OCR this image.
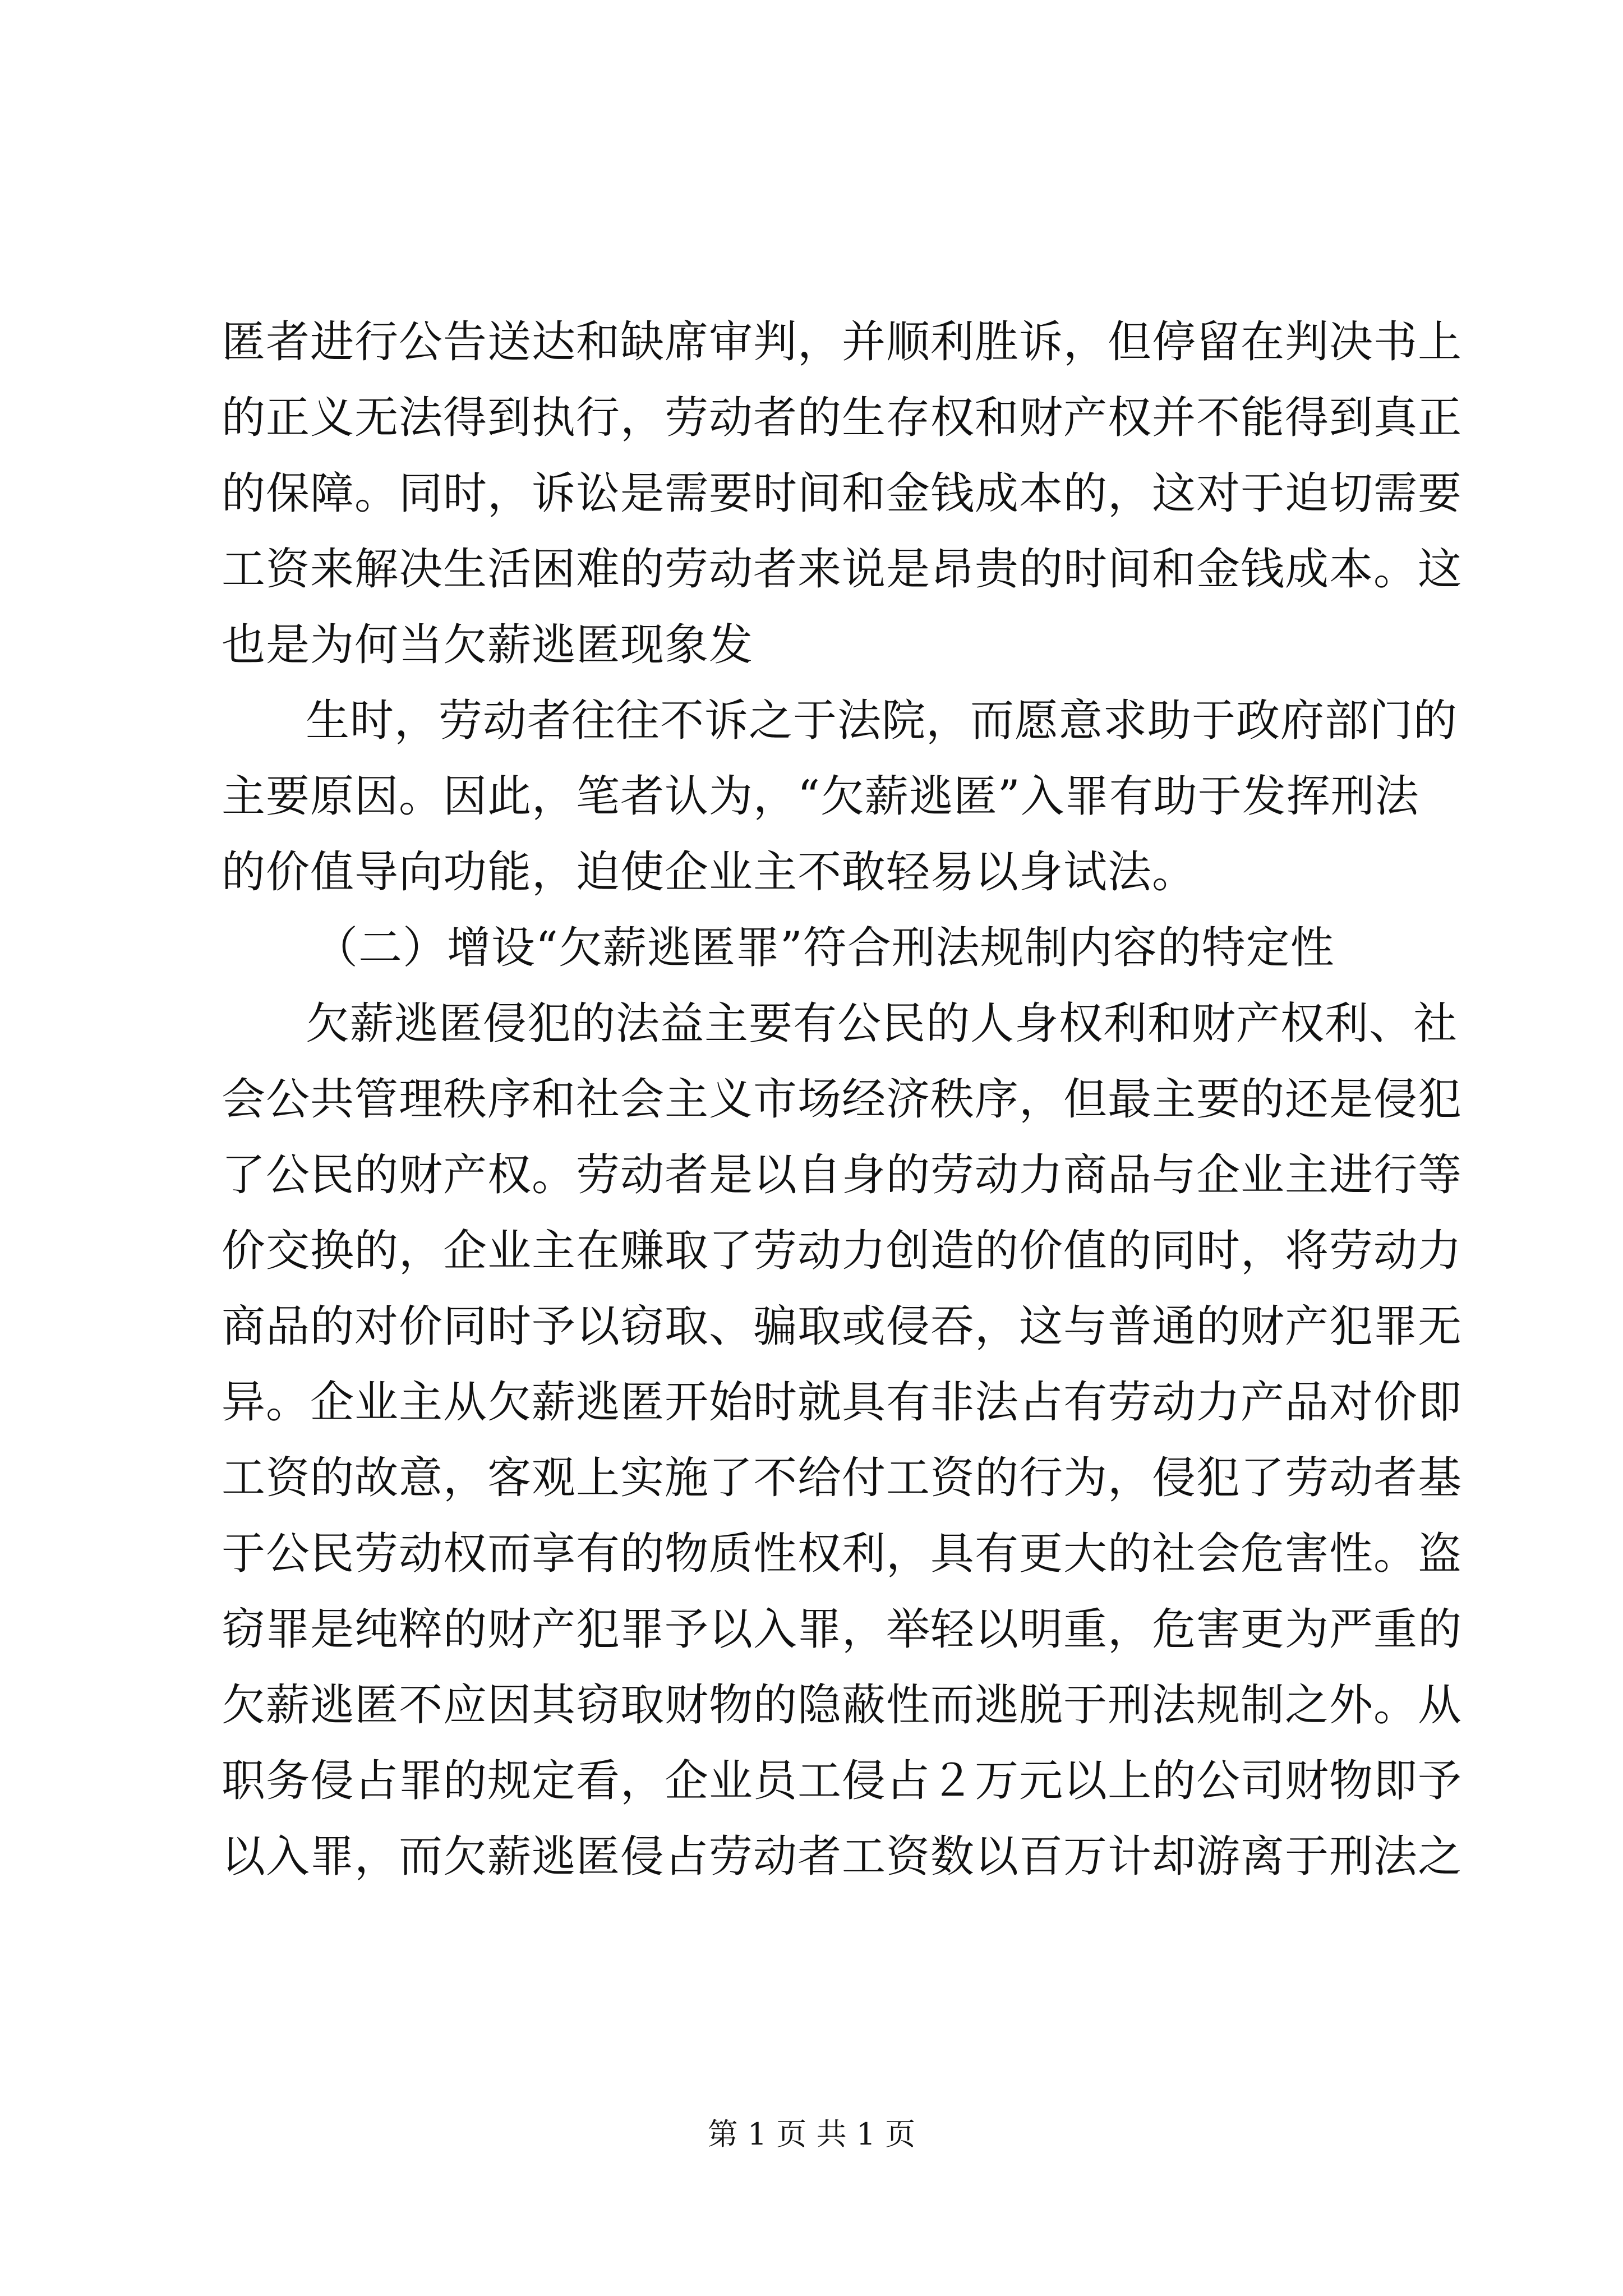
匿者进行公告送达和缺席审判，并顺利胜诉，但停留在判决书上
的正义无法得到执行，劳动者的生存权和财产权并不能得到真正
的保障。同时，诉讼是需要时间和金钱成本的，这对于迫切需要
工资来解决生活困难的劳动者来说是昂贵的时间和金钱成本。这
也是为何当欠薪逃匿现象发
生时，劳动者往往不诉之于法院，而愿意求助于政府部门的
主要原因。因此，笔者认为，“欠薪逃匿”入罪有助于发挥刑法
的价值导向功能，迫使企业主不敢轻易以身试法。
（二）增设“欠薪逃匿罪”符合刑法规制内容的特定性
欠薪逃匿侵犯的法益主要有公民的人身权利和财产权利、社
会公共管理秩序和社会主义市场经济秩序，但最主要的还是侵犯
了公民的财产权。劳动者是以自身的劳动力商品与企业主进行等
价交换的，企业主在赚取了劳动力创造的价值的同时，将劳动力
商品的对价同时予以窃取、骗取或侵吞，这与普通的财产犯罪无
异。企业主从欠薪逃匿开始时就具有非法占有劳动力产品对价即
工资的故意，客观上实施了不给付工资的行为，侵犯了劳动者基
于公民劳动权而享有的物质性权利，具有更大的社会危害性。盗
窃罪是纯粹的财产犯罪予以入罪，举轻以明重，危害更为严重的
欠薪逃匿不应因其窃取财物的隐蔽性而逃脱于刑法规制之外。从
职务侵占罪的规定看，企业员工侵占２万元以上的公司财物即予
以入罪，而欠薪逃匿侵占劳动者工资数以百万计却游离于刑法之
第 1 页 共 1 页
